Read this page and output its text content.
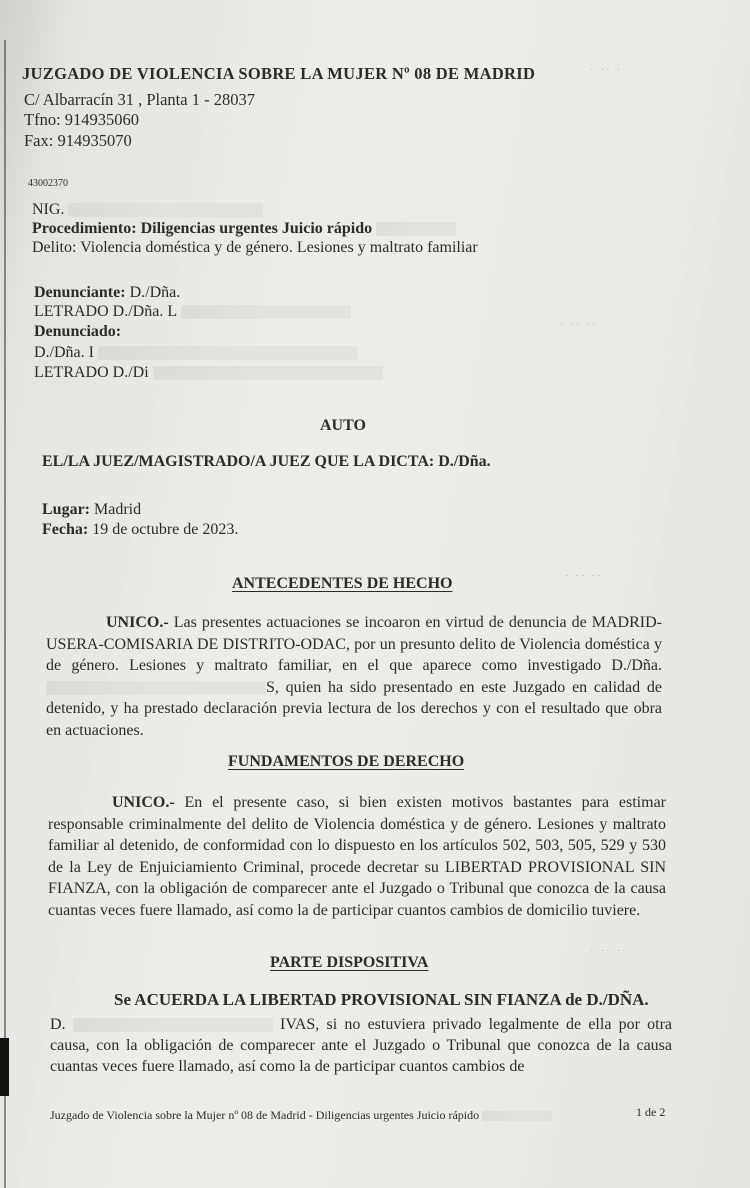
· ·· ·
· ·· ··
· ·· ··
· ·· ··
JUZGADO DE VIOLENCIA SOBRE LA MUJER Nº 08 DE MADRID
C/ Albarracín 31 , Planta 1 - 28037
Tfno: 914935060
Fax: 914935070
43002370
NIG.
Procedimiento: Diligencias urgentes Juicio rápido
Delito: Violencia doméstica y de género. Lesiones y maltrato familiar
Denunciante: D./Dña.
LETRADO D./Dña. L
Denunciado:
D./Dña. I
LETRADO D./Di
AUTO
EL/LA JUEZ/MAGISTRADO/A JUEZ QUE LA DICTA: D./Dña.
Lugar: Madrid
Fecha: 19 de octubre de 2023.
ANTECEDENTES DE HECHO
UNICO.- Las presentes actuaciones se incoaron en virtud de denuncia de MADRID-USERA-COMISARIA DE DISTRITO-ODAC, por un presunto delito de Violencia doméstica y de género. Lesiones y maltrato familiar, en el que aparece como investigado D./Dña. S, quien ha sido presentado en este Juzgado en calidad de detenido, y ha prestado declaración previa lectura de los derechos y con el resultado que obra en actuaciones.
FUNDAMENTOS DE DERECHO
UNICO.- En el presente caso, si bien existen motivos bastantes para estimar responsable criminalmente del delito de Violencia doméstica y de género. Lesiones y maltrato familiar al detenido, de conformidad con lo dispuesto en los artículos 502, 503, 505, 529 y 530 de la Ley de Enjuiciamiento Criminal, procede decretar su LIBERTAD PROVISIONAL SIN FIANZA, con la obligación de comparecer ante el Juzgado o Tribunal que conozca de la causa cuantas veces fuere llamado, así como la de participar cuantos cambios de domicilio tuviere.
PARTE DISPOSITIVA
Se ACUERDA LA LIBERTAD PROVISIONAL SIN FIANZA de D./DÑA.
D.	IVAS, si no estuviera privado legalmente de ella por otra causa, con la obligación de comparecer ante el Juzgado o Tribunal que conozca de la causa cuantas veces fuere llamado, así como la de participar cuantos cambios de
Juzgado de Violencia sobre la Mujer nº 08 de Madrid - Diligencias urgentes Juicio rápido	1 de 2
